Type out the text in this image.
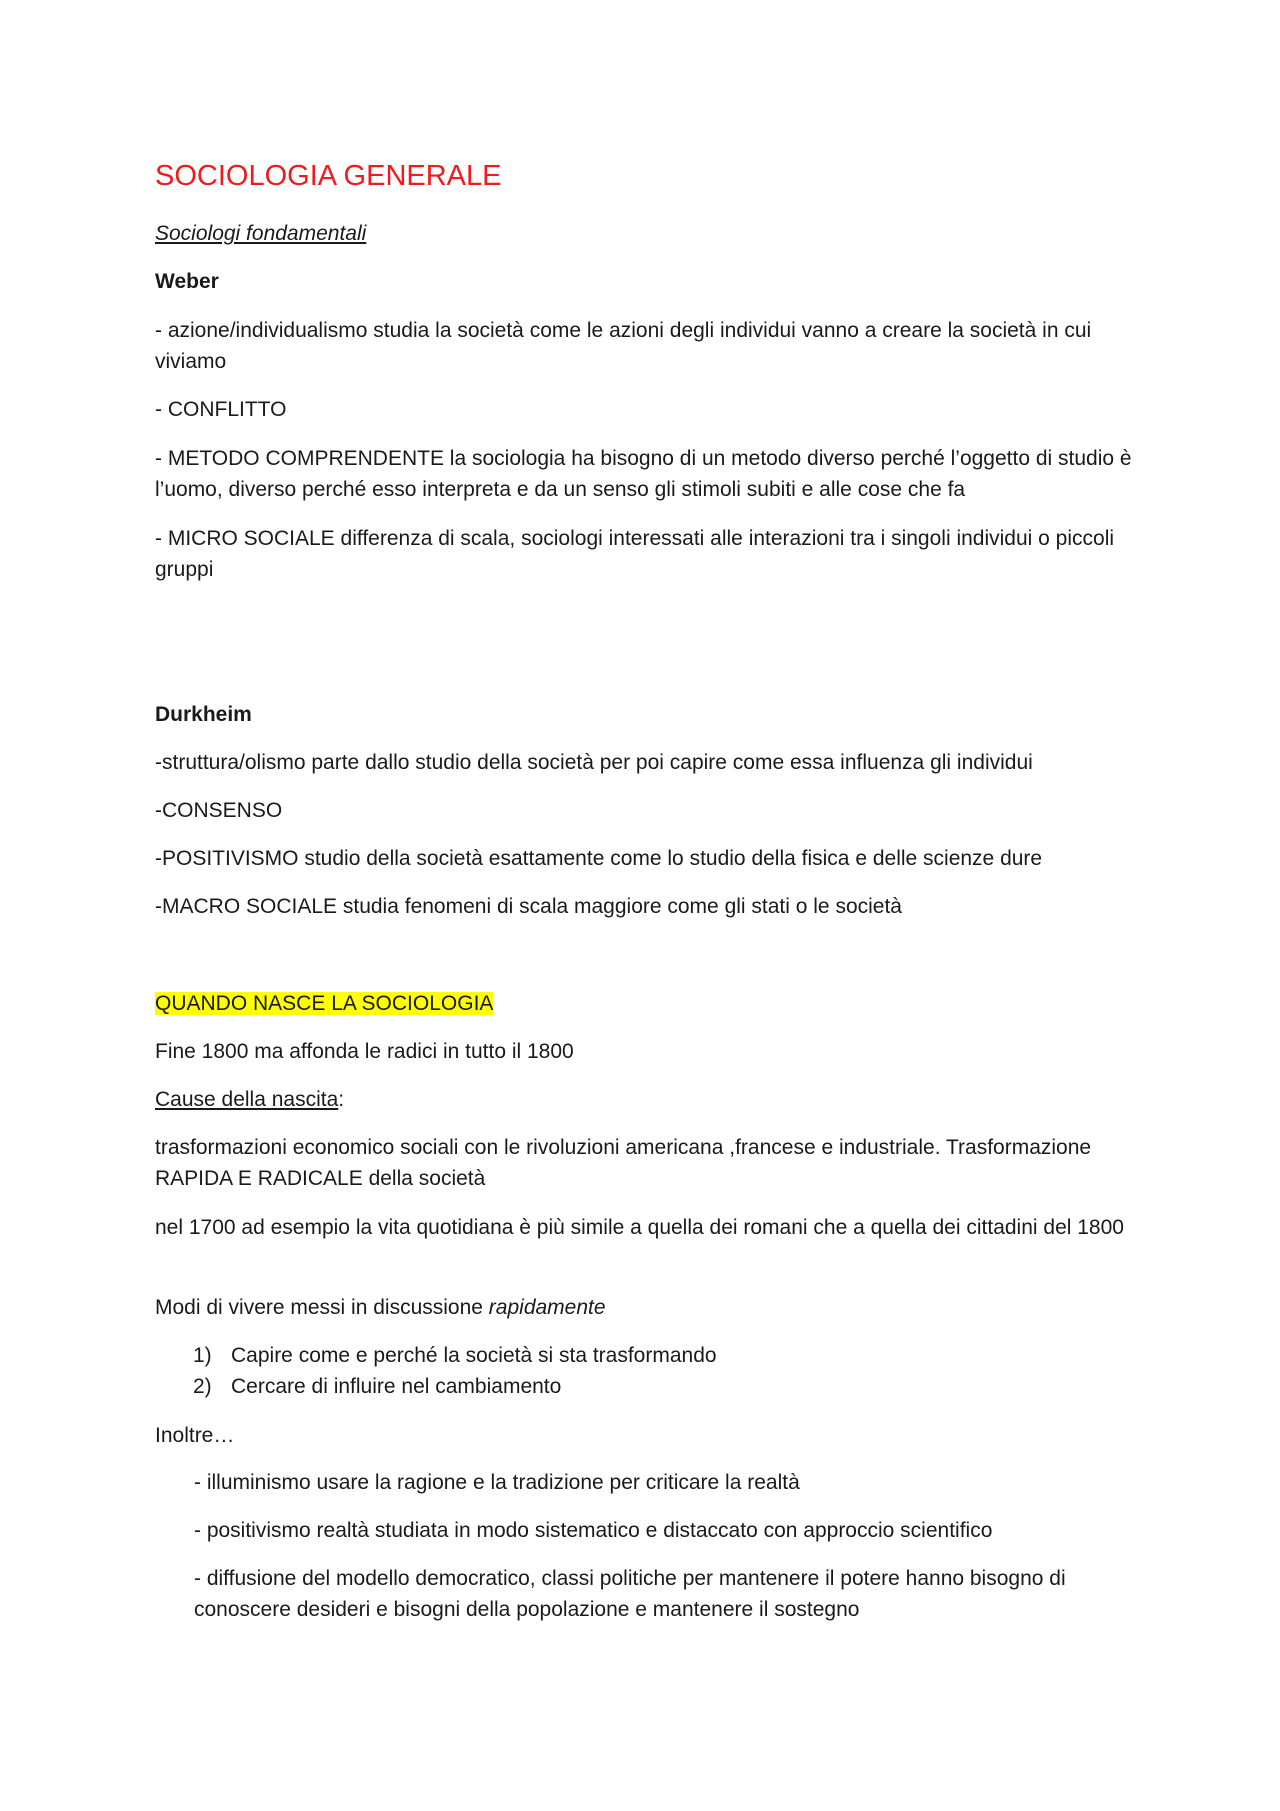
SOCIOLOGIA GENERALE

Sociologi fondamentali

Weber

- azione/individualismo studia la società come le azioni degli individui vanno a creare la società in cui viviamo

- CONFLITTO

- METODO COMPRENDENTE la sociologia ha bisogno di un metodo diverso perché l’oggetto di studio è l’uomo, diverso perché esso interpreta e da un senso gli stimoli subiti e alle cose che fa

- MICRO SOCIALE differenza di scala, sociologi interessati alle interazioni tra i singoli individui o piccoli gruppi

Durkheim

-struttura/olismo parte dallo studio della società per poi capire come essa influenza gli individui

-CONSENSO

-POSITIVISMO studio della società esattamente come lo studio della fisica e delle scienze dure

-MACRO SOCIALE studia fenomeni di scala maggiore come gli stati o le società

QUANDO NASCE LA SOCIOLOGIA

Fine 1800 ma affonda le radici in tutto il 1800

Cause della nascita:

trasformazioni economico sociali con le rivoluzioni americana ,francese e industriale. Trasformazione RAPIDA E RADICALE della società

nel 1700 ad esempio la vita quotidiana è più simile a quella dei romani che a quella dei cittadini del 1800

Modi di vivere messi in discussione rapidamente

1) Capire come e perché la società si sta trasformando
2) Cercare di influire nel cambiamento

Inoltre…

- illuminismo usare la ragione e la tradizione per criticare la realtà

- positivismo realtà studiata in modo sistematico e distaccato con approccio scientifico

- diffusione del modello democratico, classi politiche per mantenere il potere hanno bisogno di conoscere desideri e bisogni della popolazione e mantenere il sostegno
